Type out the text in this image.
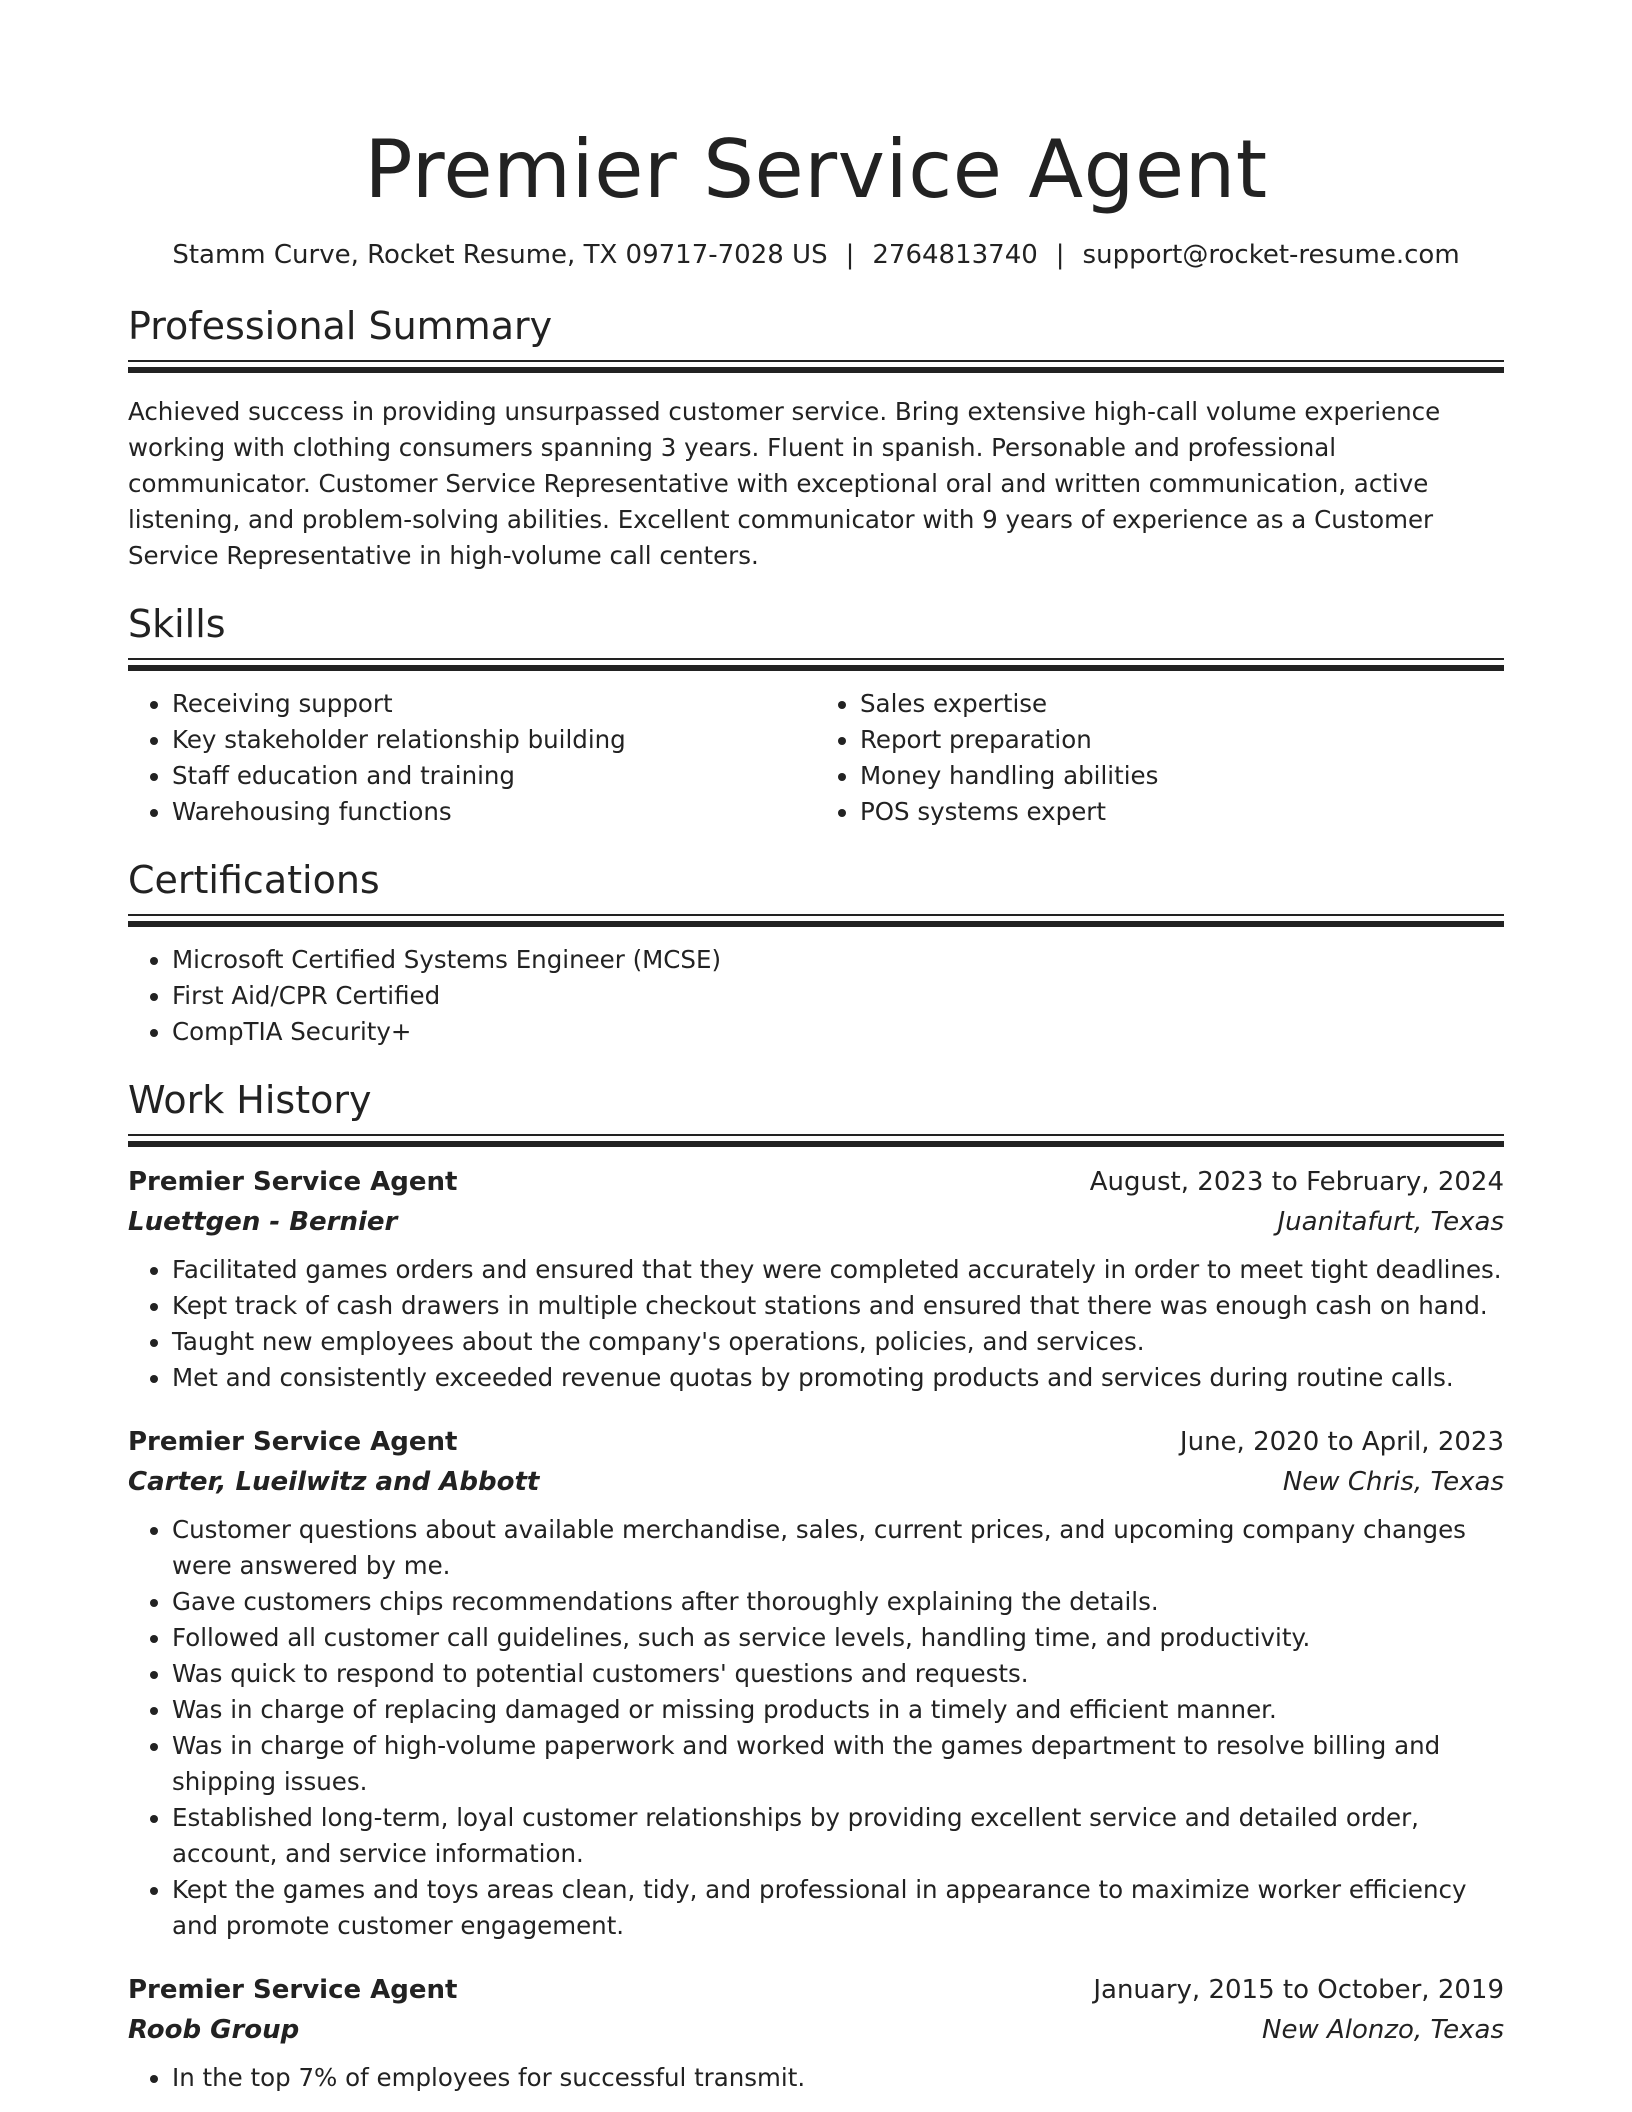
Premier Service Agent
Stamm Curve, Rocket Resume, TX 09717-7028 US | 2764813740 | support@rocket-resume.com
Professional Summary

Achieved success in providing unsurpassed customer service. Bring extensive high-call volume experience working with clothing consumers spanning 3 years. Fluent in spanish. Personable and professional communicator. Customer Service Representative with exceptional oral and written communication, active listening, and problem-solving abilities. Excellent communicator with 9 years of experience as a Customer Service Representative in high-volume call centers.

Skills
• Receiving support
• Key stakeholder relationship building
• Staff education and training
• Warehousing functions
• Sales expertise
• Report preparation
• Money handling abilities
• POS systems expert
Certifications
• Microsoft Certified Systems Engineer (MCSE)
• First Aid/CPR Certified
• CompTIA Security+
Work History
Premier Service Agent	August, 2023 to February, 2024
Luettgen - Bernier	Juanitafurt, Texas
• Facilitated games orders and ensured that they were completed accurately in order to meet tight deadlines.
• Kept track of cash drawers in multiple checkout stations and ensured that there was enough cash on hand.
• Taught new employees about the company's operations, policies, and services.
• Met and consistently exceeded revenue quotas by promoting products and services during routine calls.
Premier Service Agent	June, 2020 to April, 2023
Carter, Lueilwitz and Abbott	New Chris, Texas
• Customer questions about available merchandise, sales, current prices, and upcoming company changes were answered by me.
• Gave customers chips recommendations after thoroughly explaining the details.
• Followed all customer call guidelines, such as service levels, handling time, and productivity.
• Was quick to respond to potential customers' questions and requests.
• Was in charge of replacing damaged or missing products in a timely and efficient manner.
• Was in charge of high-volume paperwork and worked with the games department to resolve billing and shipping issues.
• Established long-term, loyal customer relationships by providing excellent service and detailed order, account, and service information.
• Kept the games and toys areas clean, tidy, and professional in appearance to maximize worker efficiency and promote customer engagement.
Premier Service Agent	January, 2015 to October, 2019
Roob Group	New Alonzo, Texas
• In the top 7% of employees for successful transmit.
